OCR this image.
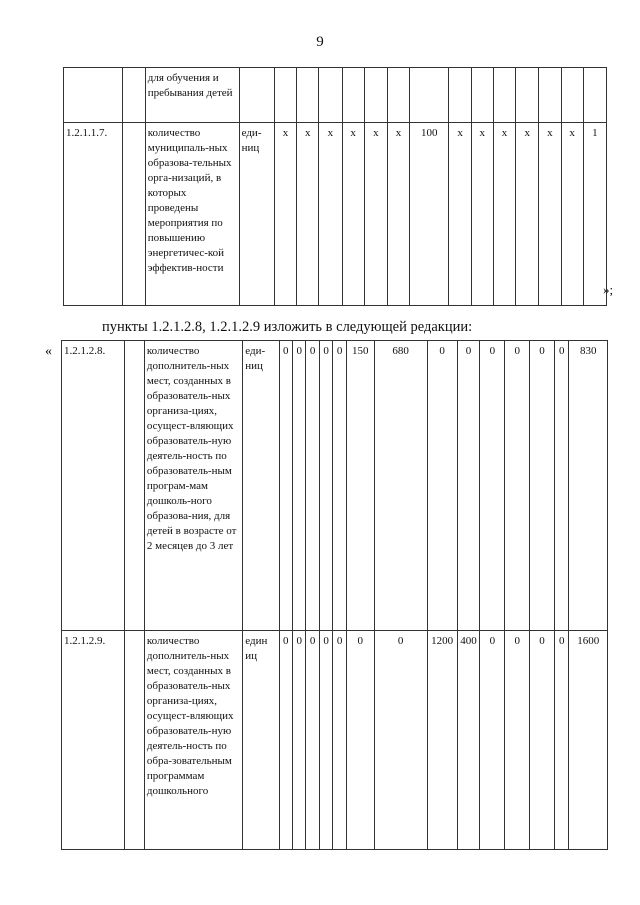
9
		для обучения и пребывания детей															
1.2.1.1.7.		количество муниципаль-ных образова-тельных орга-низаций, в которых проведены мероприятия по повышению энергетичес-кой эффектив-ности	еди-ниц	х	х	х	х	х	х	100	х	х	х	х	х	х	1
»;
пункты 1.2.1.2.8, 1.2.1.2.9 изложить в следующей редакции:
« 1.2.1.2.8.		количество дополнитель-ных мест, созданных в образователь-ных организа-циях, осущест-вляющих образователь-ную деятель-ность по образователь-ным програм-мам дошколь-ного образова-ния, для детей в возрасте от 2 месяцев до 3 лет	еди-ниц	0	0	0	0	0	150	680	0	0	0	0	0	0	830
1.2.1.2.9.		количество дополнитель-ных мест, созданных в образователь-ных организа-циях, осущест-вляющих образователь-ную деятель-ность по обра-зовательным программам дошкольного	един иц	0	0	0	0	0	0	0	1200	400	0	0	0	0	1600
